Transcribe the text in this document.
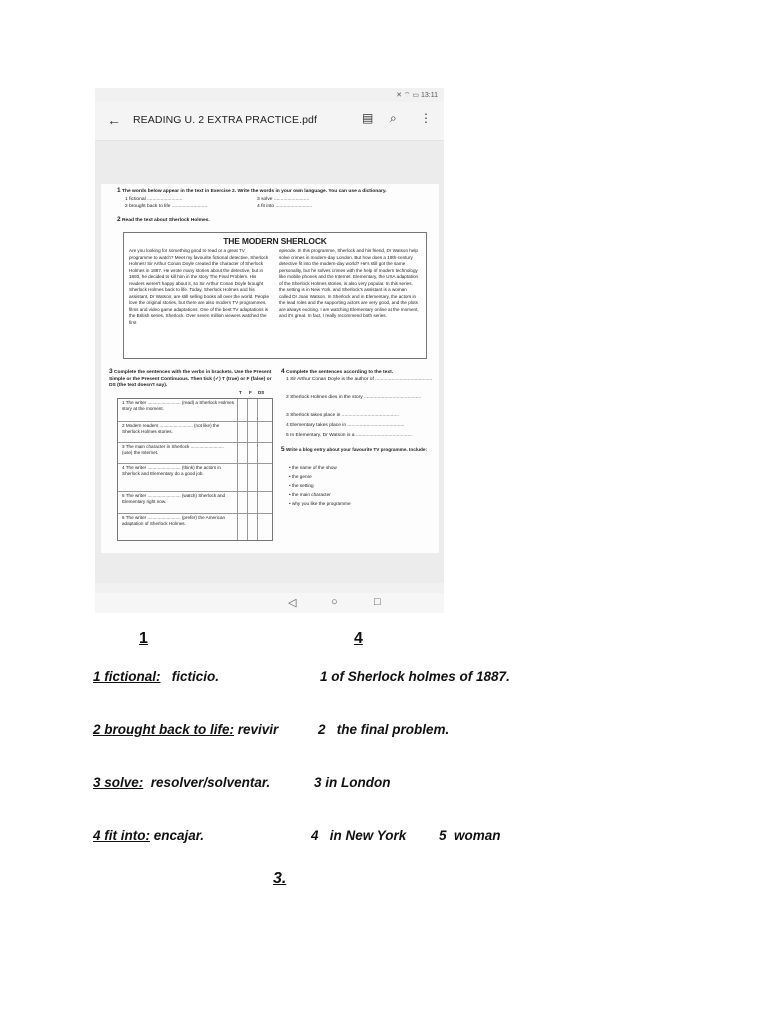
✕ ⌔ ▭ 13:11
← READING U. 2 EXTRA PRACTICE.pdf	▤ ⌕ ⋮
1 The words below appear in the text in Exercise 2. Write the words in your own language. You can use a dictionary.
1 fictional ..........................
2 brought back to life ..........................
3 solve ..........................
4 fit into ...........................
2 Read the text about Sherlock Holmes.
THE MODERN SHERLOCK
Are you looking for something good to read or a great TV programme to watch? Meet my favourite fictional detective, Sherlock Holmes! Sir Arthur Conan Doyle created the character of Sherlock Holmes in 1887. He wrote many stories about the detective, but in 1893, he decided to kill him in the story The Final Problem. His readers weren't happy about it, so Sir Arthur Conan Doyle brought Sherlock Holmes back to life. Today, Sherlock Holmes and his assistant, Dr Watson, are still selling books all over the world. People love the original stories, but there are also modern TV programmes, films and video game adaptations. One of the best TV adaptations is the British series, Sherlock. Over seven million viewers watched the first
episode. In this programme, Sherlock and his friend, Dr Watson help solve crimes in modern-day London. But how does a 19th-century detective fit into the modern-day world? He's still got the same personality, but he solves crimes with the help of modern technology like mobile phones and the Internet. Elementary, the USA adaptation of the Sherlock Holmes stories, is also very popular. In this series, the setting is in New York, and Sherlock's assistant is a woman called Dr Joan Watson. In Sherlock and in Elementary, the actors in the lead roles and the supporting actors are very good, and the plots are always exciting. I am watching Elementary online at the moment, and it's great. In fact, I really recommend both series.
3 Complete the sentences with the verbs in brackets. Use the Present Simple or the Present Continuous. Then tick (✓) T (true) or F (false) or DS (the text doesn't say).
T F DS
1 The writer .......................... (read) a Sherlock Holmes story at the moment.
2 Modern readers .......................... (not like) the Sherlock Holmes stories.
3 The main character in Sherlock .......................... (use) the Internet.
4 The writer .......................... (think) the actors in Sherlock and Elementary do a good job.
5 The writer .......................... (watch) Sherlock and Elementary right now.
6 The writer .......................... (prefer) the American adaptation of Sherlock Holmes.
4 Complete the sentences according to the text.
1 Sir Arthur Conan Doyle is the author of ..........................................
2 Sherlock Holmes dies in the story ..........................................
3 Sherlock takes place in ..........................................
4 Elementary takes place in ..........................................
5 In Elementary, Dr Watson is a ..........................................
5 Write a blog entry about your favourite TV programme. Include:
• the name of the show
• the genre
• the setting
• the main character
• why you like the programme
◁	○	□
1	4
1 fictional: ficticio.	1 of Sherlock holmes of 1887.
2 brought back to life: revivir	2   the final problem.
3 solve: resolver/solventar.	3 in London
4 fit into: encajar.	4   in New York 5  woman
3.
